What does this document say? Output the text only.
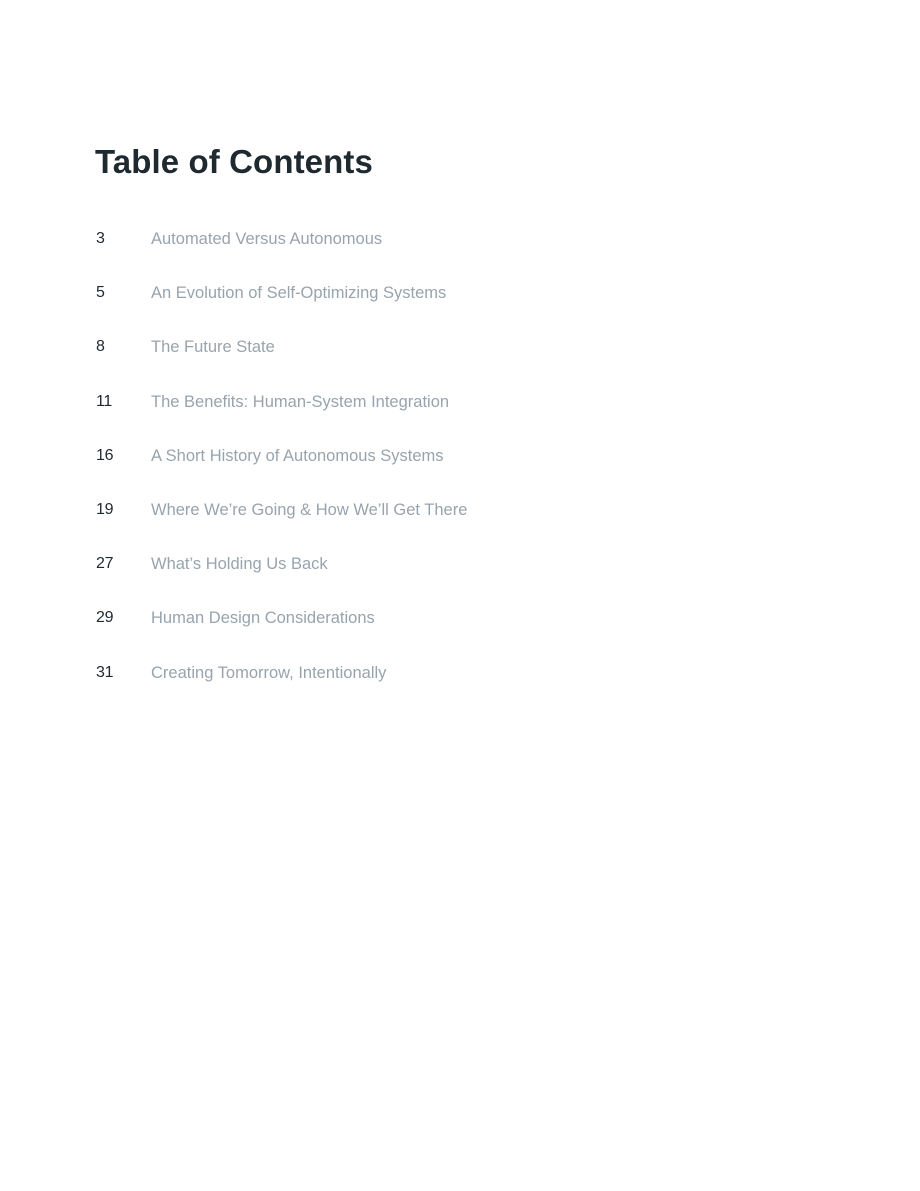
Table of Contents
3	Automated Versus Autonomous
5	An Evolution of Self-Optimizing Systems
8	The Future State
11	The Benefits: Human-System Integration
16	A Short History of Autonomous Systems
19	Where We’re Going & How We’ll Get There
27	What’s Holding Us Back
29	Human Design Considerations
31	Creating Tomorrow, Intentionally
